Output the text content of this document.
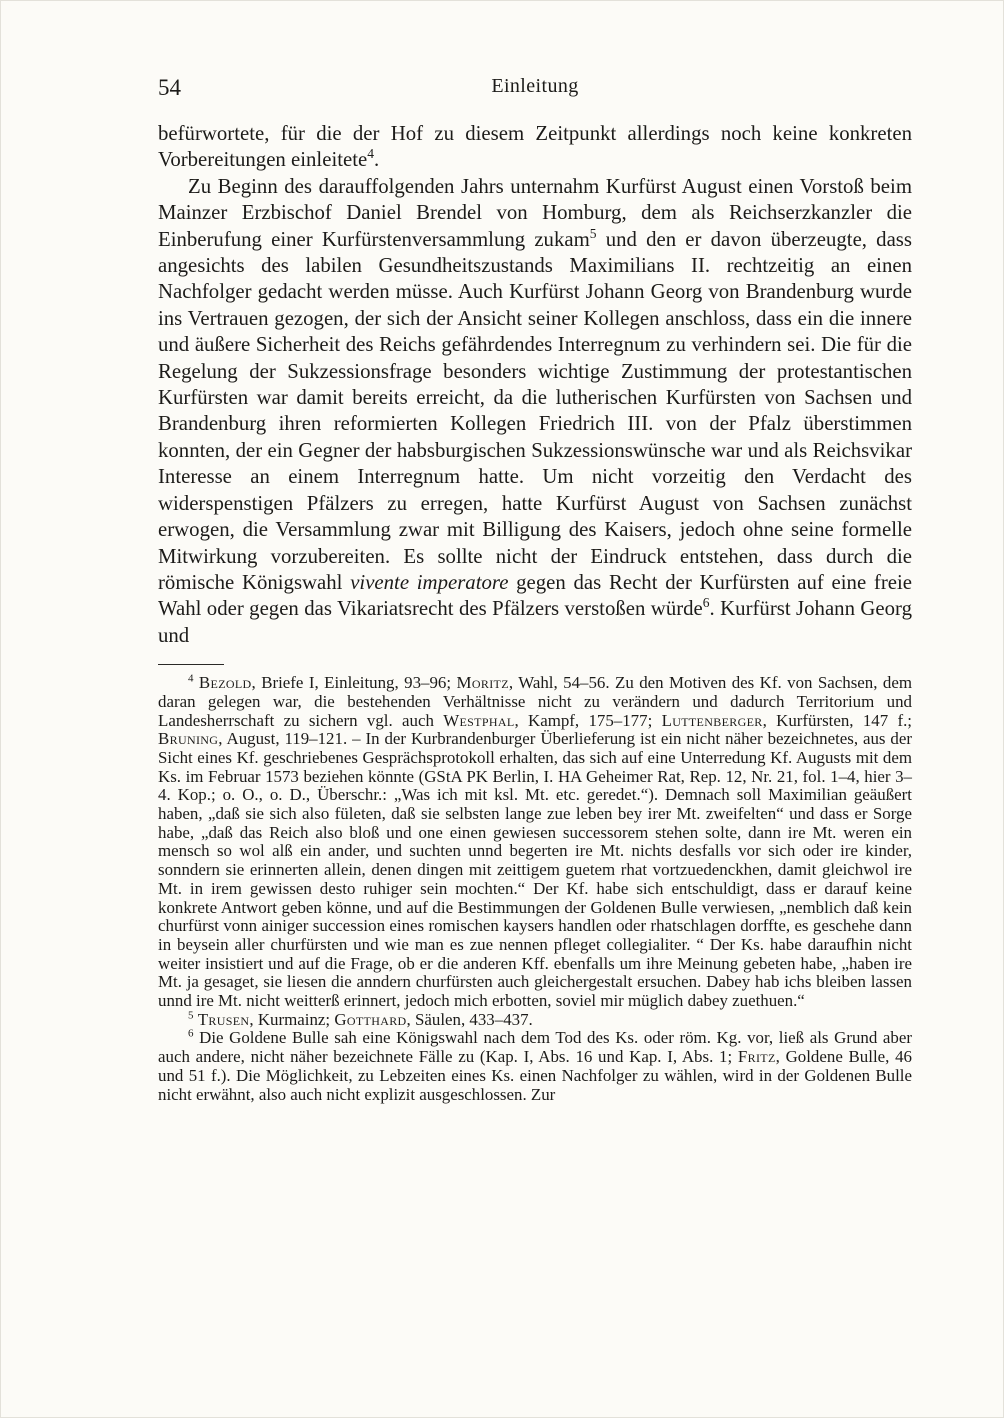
54	Einleitung

befürwortete, für die der Hof zu diesem Zeitpunkt allerdings noch keine konkreten Vorbereitungen einleitete$^4$.

Zu Beginn des darauffolgenden Jahrs unternahm Kurfürst August einen Vorstoß beim Mainzer Erzbischof Daniel Brendel von Homburg, dem als Reichserzkanzler die Einberufung einer Kurfürstenversammlung zukam$^5$ und den er davon überzeugte, dass angesichts des labilen Gesundheitszustands Maximilians II. rechtzeitig an einen Nachfolger gedacht werden müsse. Auch Kurfürst Johann Georg von Brandenburg wurde ins Vertrauen gezogen, der sich der Ansicht seiner Kollegen anschloss, dass ein die innere und äußere Sicherheit des Reichs gefährdendes Interregnum zu verhindern sei. Die für die Regelung der Sukzessionsfrage besonders wichtige Zustimmung der protestantischen Kurfürsten war damit bereits erreicht, da die lutherischen Kurfürsten von Sachsen und Brandenburg ihren reformierten Kollegen Friedrich III. von der Pfalz überstimmen konnten, der ein Gegner der habsburgischen Sukzessionswünsche war und als Reichsvikar Interesse an einem Interregnum hatte. Um nicht vorzeitig den Verdacht des widerspenstigen Pfälzers zu erregen, hatte Kurfürst August von Sachsen zunächst erwogen, die Versammlung zwar mit Billigung des Kaisers, jedoch ohne seine formelle Mitwirkung vorzubereiten. Es sollte nicht der Eindruck entstehen, dass durch die römische Königswahl vivente imperatore gegen das Recht der Kurfürsten auf eine freie Wahl oder gegen das Vikariatsrecht des Pfälzers verstoßen würde$^6$. Kurfürst Johann Georg und

$^4$ Bezold, Briefe I, Einleitung, 93–96; Moritz, Wahl, 54–56. Zu den Motiven des Kf. von Sachsen, dem daran gelegen war, die bestehenden Verhältnisse nicht zu verändern und dadurch Territorium und Landesherrschaft zu sichern vgl. auch Westphal, Kampf, 175–177; Luttenberger, Kurfürsten, 147 f.; Bruning, August, 119–121. – In der Kurbrandenburger Überlieferung ist ein nicht näher bezeichnetes, aus der Sicht eines Kf. geschriebenes Gesprächsprotokoll erhalten, das sich auf eine Unterredung Kf. Augusts mit dem Ks. im Februar 1573 beziehen könnte (GStA PK Berlin, I. HA Geheimer Rat, Rep. 12, Nr. 21, fol. 1–4, hier 3–4. Kop.; o. O., o. D., Überschr.: „Was ich mit ksl. Mt. etc. geredet.“). Demnach soll Maximilian geäußert haben, „daß sie sich also fületen, daß sie selbsten lange zue leben bey irer Mt. zweifelten“ und dass er Sorge habe, „daß das Reich also bloß und one einen gewiesen successorem stehen solte, dann ire Mt. weren ein mensch so wol alß ein ander, und suchten unnd begerten ire Mt. nichts desfalls vor sich oder ire kinder, sonndern sie erinnerten allein, denen dingen mit zeittigem guetem rhat vortzuedenckhen, damit gleichwol ire Mt. in irem gewissen desto ruhiger sein mochten.“ Der Kf. habe sich entschuldigt, dass er darauf keine konkrete Antwort geben könne, und auf die Bestimmungen der Goldenen Bulle verwiesen, „nemblich daß kein churfürst vonn ainiger succession eines romischen kaysers handlen oder rhatschlagen dorffte, es geschehe dann in beysein aller churfürsten und wie man es zue nennen pfleget collegialiter. “ Der Ks. habe daraufhin nicht weiter insistiert und auf die Frage, ob er die anderen Kff. ebenfalls um ihre Meinung gebeten habe, „haben ire Mt. ja gesaget, sie liesen die anndern churfürsten auch gleichergestalt ersuchen. Dabey hab ichs bleiben lassen unnd ire Mt. nicht weitterß erinnert, jedoch mich erbotten, soviel mir müglich dabey zuethuen.“

$^5$ Trusen, Kurmainz; Gotthard, Säulen, 433–437.

$^6$ Die Goldene Bulle sah eine Königswahl nach dem Tod des Ks. oder röm. Kg. vor, ließ als Grund aber auch andere, nicht näher bezeichnete Fälle zu (Kap. I, Abs. 16 und Kap. I, Abs. 1; Fritz, Goldene Bulle, 46 und 51 f.). Die Möglichkeit, zu Lebzeiten eines Ks. einen Nachfolger zu wählen, wird in der Goldenen Bulle nicht erwähnt, also auch nicht explizit ausgeschlossen. Zur
